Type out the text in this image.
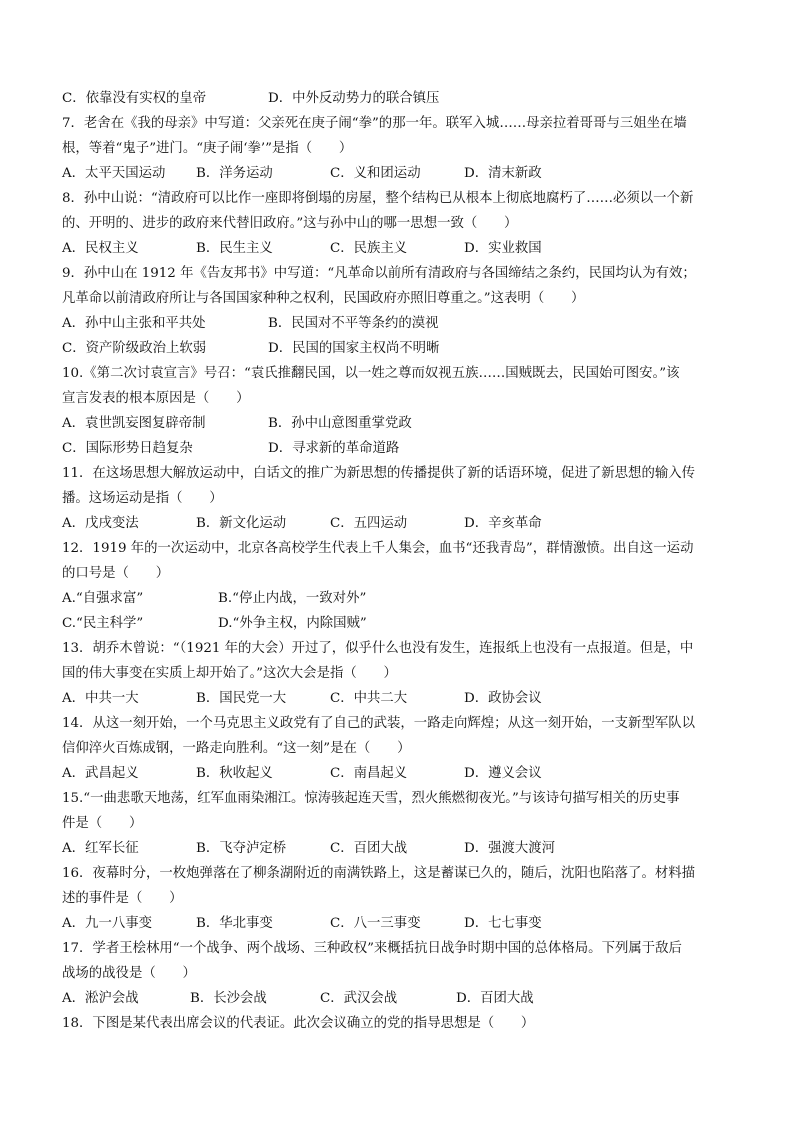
C．依靠没有实权的皇帝	D．中外反动势力的联合镇压
7．老舍在《我的母亲》中写道：父亲死在庚子闹“拳”的那一年。联军入城……母亲拉着哥哥与三姐坐在墙
根，等着“鬼子”进门。“庚子闹‘拳’”是指（　　）
A．太平天国运动	B．洋务运动	C．义和团运动	D．清末新政
8．孙中山说：“清政府可以比作一座即将倒塌的房屋，整个结构已从根本上彻底地腐朽了……必须以一个新
的、开明的、进步的政府来代替旧政府。”这与孙中山的哪一思想一致（　　）
A．民权主义	B．民生主义	C．民族主义	D．实业救国
9．孙中山在 1912 年《告友邦书》中写道：“凡革命以前所有清政府与各国缔结之条约，民国均认为有效；
凡革命以前清政府所让与各国国家种种之权利，民国政府亦照旧尊重之。”这表明（　　）
A．孙中山主张和平共处	B．民国对不平等条约的漠视
C．资产阶级政治上软弱	D．民国的国家主权尚不明晰
10.《第二次讨袁宣言》号召：“袁氏推翻民国，以一姓之尊而奴视五族……国贼既去，民国始可图安。”该
宣言发表的根本原因是（　　）
A．袁世凯妄图复辟帝制	B．孙中山意图重掌党政
C．国际形势日趋复杂	D．寻求新的革命道路
11．在这场思想大解放运动中，白话文的推广为新思想的传播提供了新的话语环境，促进了新思想的输入传
播。这场运动是指（　　）
A．戊戌变法	B．新文化运动	C．五四运动	D．辛亥革命
12．1919 年的一次运动中，北京各高校学生代表上千人集会，血书“还我青岛”，群情激愤。出自这一运动
的口号是（　　）
A.“自强求富”	B.“停止内战，一致对外”
C.“民主科学”	D.“外争主权，内除国贼”
13．胡乔木曾说：“（1921 年的大会）开过了，似乎什么也没有发生，连报纸上也没有一点报道。但是，中
国的伟大事变在实质上却开始了。”这次大会是指（　　）
A．中共一大	B．国民党一大	C．中共二大	D．政协会议
14．从这一刻开始，一个马克思主义政党有了自己的武装，一路走向辉煌；从这一刻开始，一支新型军队以
信仰淬火百炼成钢，一路走向胜利。“这一刻”是在（　　）
A．武昌起义	B．秋收起义	C．南昌起义	D．遵义会议
15.“一曲悲歌天地荡，红军血雨染湘江。惊涛骇起连天雪，烈火熊燃彻夜光。”与该诗句描写相关的历史事
件是（　　）
A．红军长征	B．飞夺泸定桥	C．百团大战	D．强渡大渡河
16．夜幕时分，一枚炮弹落在了柳条湖附近的南满铁路上，这是蓄谋已久的，随后，沈阳也陷落了。材料描
述的事件是（　　）
A．九一八事变	B．华北事变	C．八一三事变	D．七七事变
17．学者王桧林用“一个战争、两个战场、三种政权”来概括抗日战争时期中国的总体格局。下列属于敌后
战场的战役是（　　）
A．淞沪会战	B．长沙会战	C．武汉会战	D．百团大战
18．下图是某代表出席会议的代表证。此次会议确立的党的指导思想是（　　）
